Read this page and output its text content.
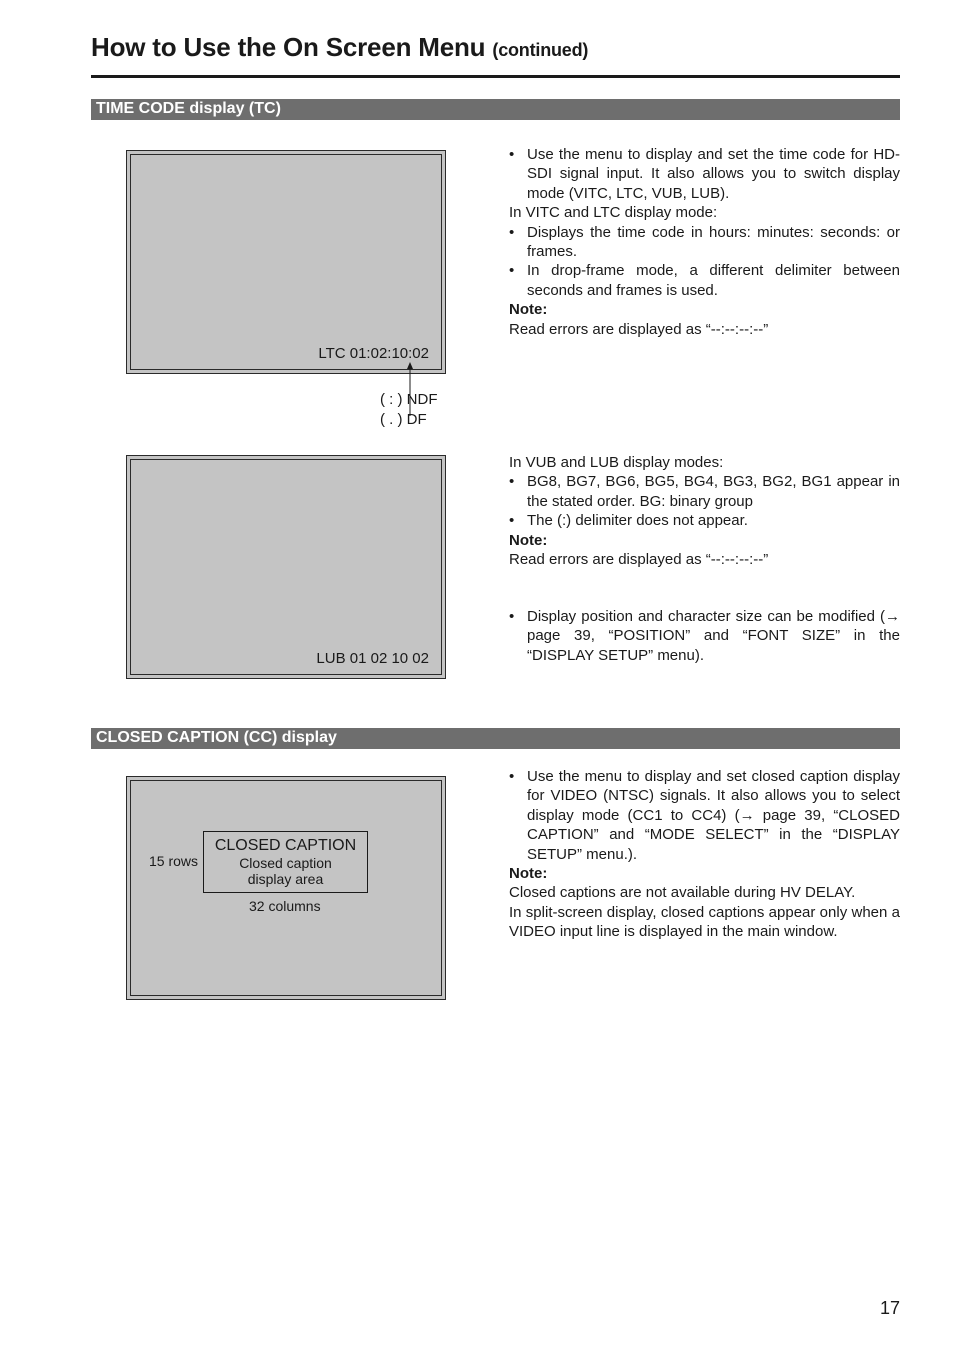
How to Use the On Screen Menu (continued)
TIME CODE display (TC)
LTC 01:02:10:02
( : ) NDF
( . ) DF
• Use the menu to display and set the time code for HD-SDI signal input. It also allows you to switch display mode (VITC, LTC, VUB, LUB).

In VITC and LTC display mode:

• Displays the time code in hours: minutes: seconds: or frames.
• In drop-frame mode, a different delimiter between seconds and frames is used.

Note:

Read errors are displayed as “--:--:--:--”

LUB 01 02 10 02

In VUB and LUB display modes:

• BG8, BG7, BG6, BG5, BG4, BG3, BG2, BG1 appear in the stated order. BG: binary group
• The (:) delimiter does not appear.

Note:

Read errors are displayed as “--:--:--:--”

• Display position and character size can be modified (→ page 39, “POSITION” and “FONT SIZE” in the “DISPLAY SETUP” menu).
CLOSED CAPTION (CC) display
CLOSED CAPTION
Closed caption
display area
15 rows
32 columns
• Use the menu to display and set closed caption display for VIDEO (NTSC) signals. It also allows you to select display mode (CC1 to CC4) (→ page 39, “CLOSED CAPTION” and “MODE SELECT” in the “DISPLAY SETUP” menu.).

Note:

Closed captions are not available during HV DELAY.

In split-screen display, closed captions appear only when a VIDEO input line is displayed in the main window.

17
